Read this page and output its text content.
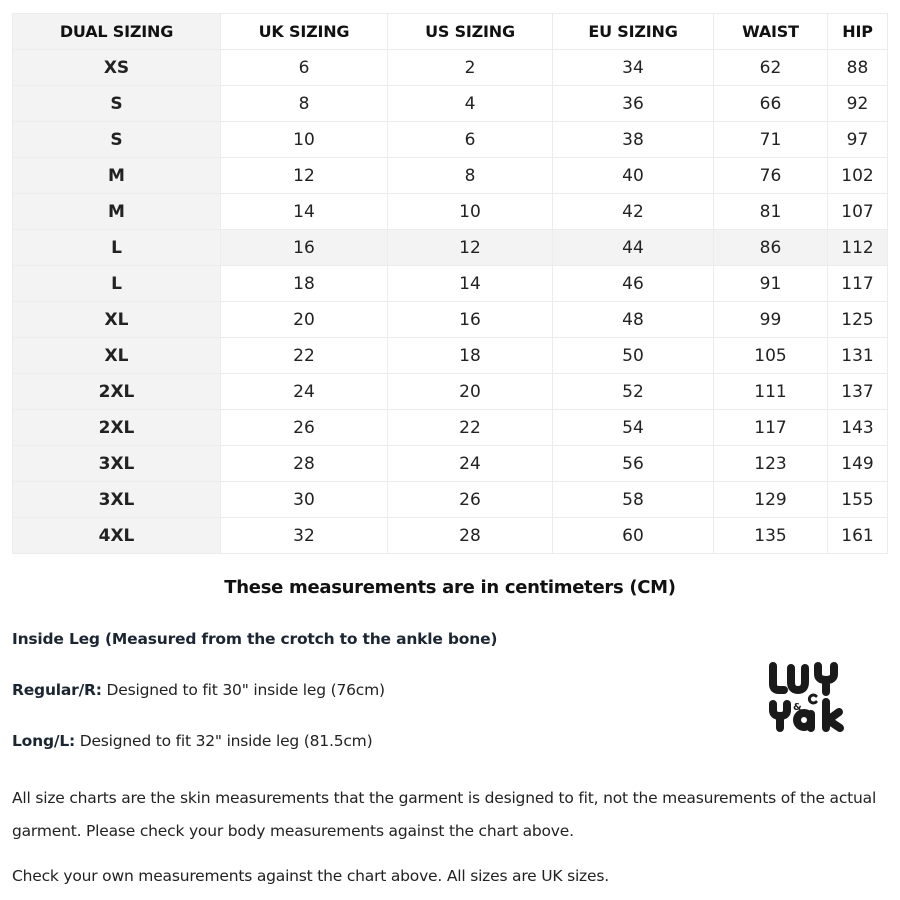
DUAL SIZING	UK SIZING	US SIZING	EU SIZING	WAIST	HIP
XS	6	2	34	62	88
S	8	4	36	66	92
S	10	6	38	71	97
M	12	8	40	76	102
M	14	10	42	81	107
L	16	12	44	86	112
L	18	14	46	91	117
XL	20	16	48	99	125
XL	22	18	50	105	131
2XL	24	20	52	111	137
2XL	26	22	54	117	143
3XL	28	24	56	123	149
3XL	30	26	58	129	155
4XL	32	28	60	135	161
These measurements are in centimeters (CM)
Inside Leg (Measured from the crotch to the ankle bone)
Regular/R: Designed to fit 30" inside leg (76cm)
Long/L: Designed to fit 32" inside leg (81.5cm)
All size charts are the skin measurements that the garment is designed to fit, not the measurements of the actual garment. Please check your body measurements against the chart above.
Check your own measurements against the chart above. All sizes are UK sizes.
&
